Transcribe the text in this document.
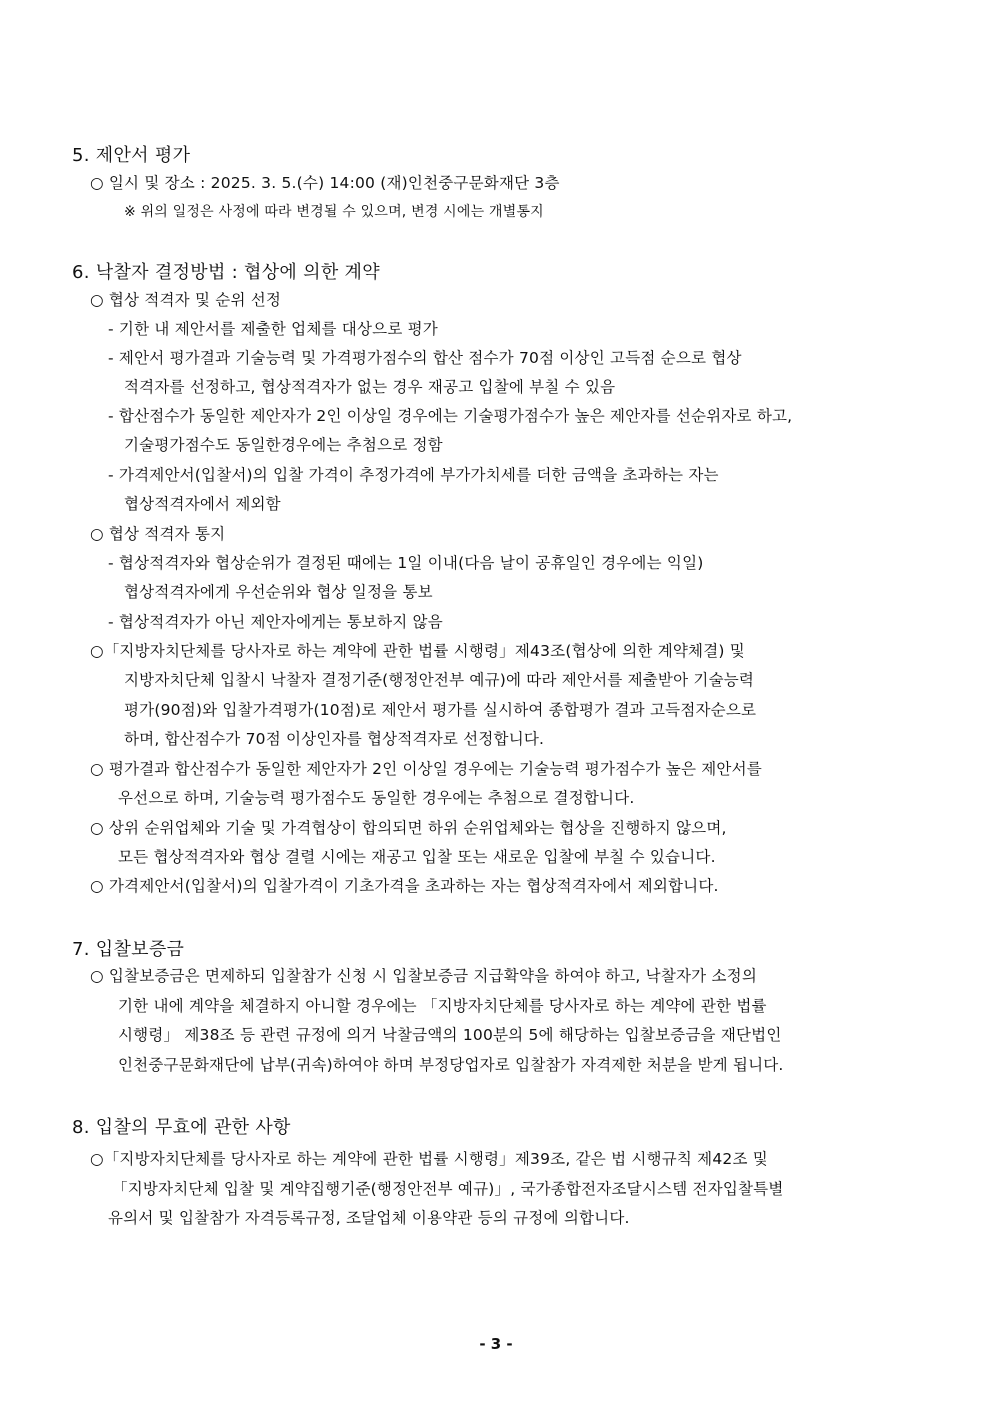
5. 제안서 평가
○ 일시 및 장소 : 2025. 3. 5.(수) 14:00 (재)인천중구문화재단 3층
※ 위의 일정은 사정에 따라 변경될 수 있으며, 변경 시에는 개별통지
6. 낙찰자 결정방법 : 협상에 의한 계약
○ 협상 적격자 및 순위 선정
- 기한 내 제안서를 제출한 업체를 대상으로 평가
- 제안서 평가결과 기술능력 및 가격평가점수의 합산 점수가 70점 이상인 고득점 순으로 협상
적격자를 선정하고, 협상적격자가 없는 경우 재공고 입찰에 부칠 수 있음
- 합산점수가 동일한 제안자가 2인 이상일 경우에는 기술평가점수가 높은 제안자를 선순위자로 하고,
기술평가점수도 동일한경우에는 추첨으로 정함
- 가격제안서(입찰서)의 입찰 가격이 추정가격에 부가가치세를 더한 금액을 초과하는 자는
협상적격자에서 제외함
○ 협상 적격자 통지
- 협상적격자와 협상순위가 결정된 때에는 1일 이내(다음 날이 공휴일인 경우에는 익일)
협상적격자에게 우선순위와 협상 일정을 통보
- 협상적격자가 아닌 제안자에게는 통보하지 않음
○「지방자치단체를 당사자로 하는 계약에 관한 법률 시행령」제43조(협상에 의한 계약체결) 및
지방자치단체 입찰시 낙찰자 결정기준(행정안전부 예규)에 따라 제안서를 제출받아 기술능력
평가(90점)와 입찰가격평가(10점)로 제안서 평가를 실시하여 종합평가 결과 고득점자순으로
하며, 합산점수가 70점 이상인자를 협상적격자로 선정합니다.
○ 평가결과 합산점수가 동일한 제안자가 2인 이상일 경우에는 기술능력 평가점수가 높은 제안서를
우선으로 하며, 기술능력 평가점수도 동일한 경우에는 추첨으로 결정합니다.
○ 상위 순위업체와 기술 및 가격협상이 합의되면 하위 순위업체와는 협상을 진행하지 않으며,
모든 협상적격자와 협상 결렬 시에는 재공고 입찰 또는 새로운 입찰에 부칠 수 있습니다.
○ 가격제안서(입찰서)의 입찰가격이 기초가격을 초과하는 자는 협상적격자에서 제외합니다.
7. 입찰보증금
○ 입찰보증금은 면제하되 입찰참가 신청 시 입찰보증금 지급확약을 하여야 하고, 낙찰자가 소정의
기한 내에 계약을 체결하지 아니할 경우에는 「지방자치단체를 당사자로 하는 계약에 관한 법률
시행령」 제38조 등 관련 규정에 의거 낙찰금액의 100분의 5에 해당하는 입찰보증금을 재단법인
인천중구문화재단에 납부(귀속)하여야 하며 부정당업자로 입찰참가 자격제한 처분을 받게 됩니다.
8. 입찰의 무효에 관한 사항
○「지방자치단체를 당사자로 하는 계약에 관한 법률 시행령」제39조, 같은 법 시행규칙 제42조 및
「지방자치단체 입찰 및 계약집행기준(행정안전부 예규)」, 국가종합전자조달시스템 전자입찰특별
유의서 및 입찰참가 자격등록규정, 조달업체 이용약관 등의 규정에 의합니다.
- 3 -
